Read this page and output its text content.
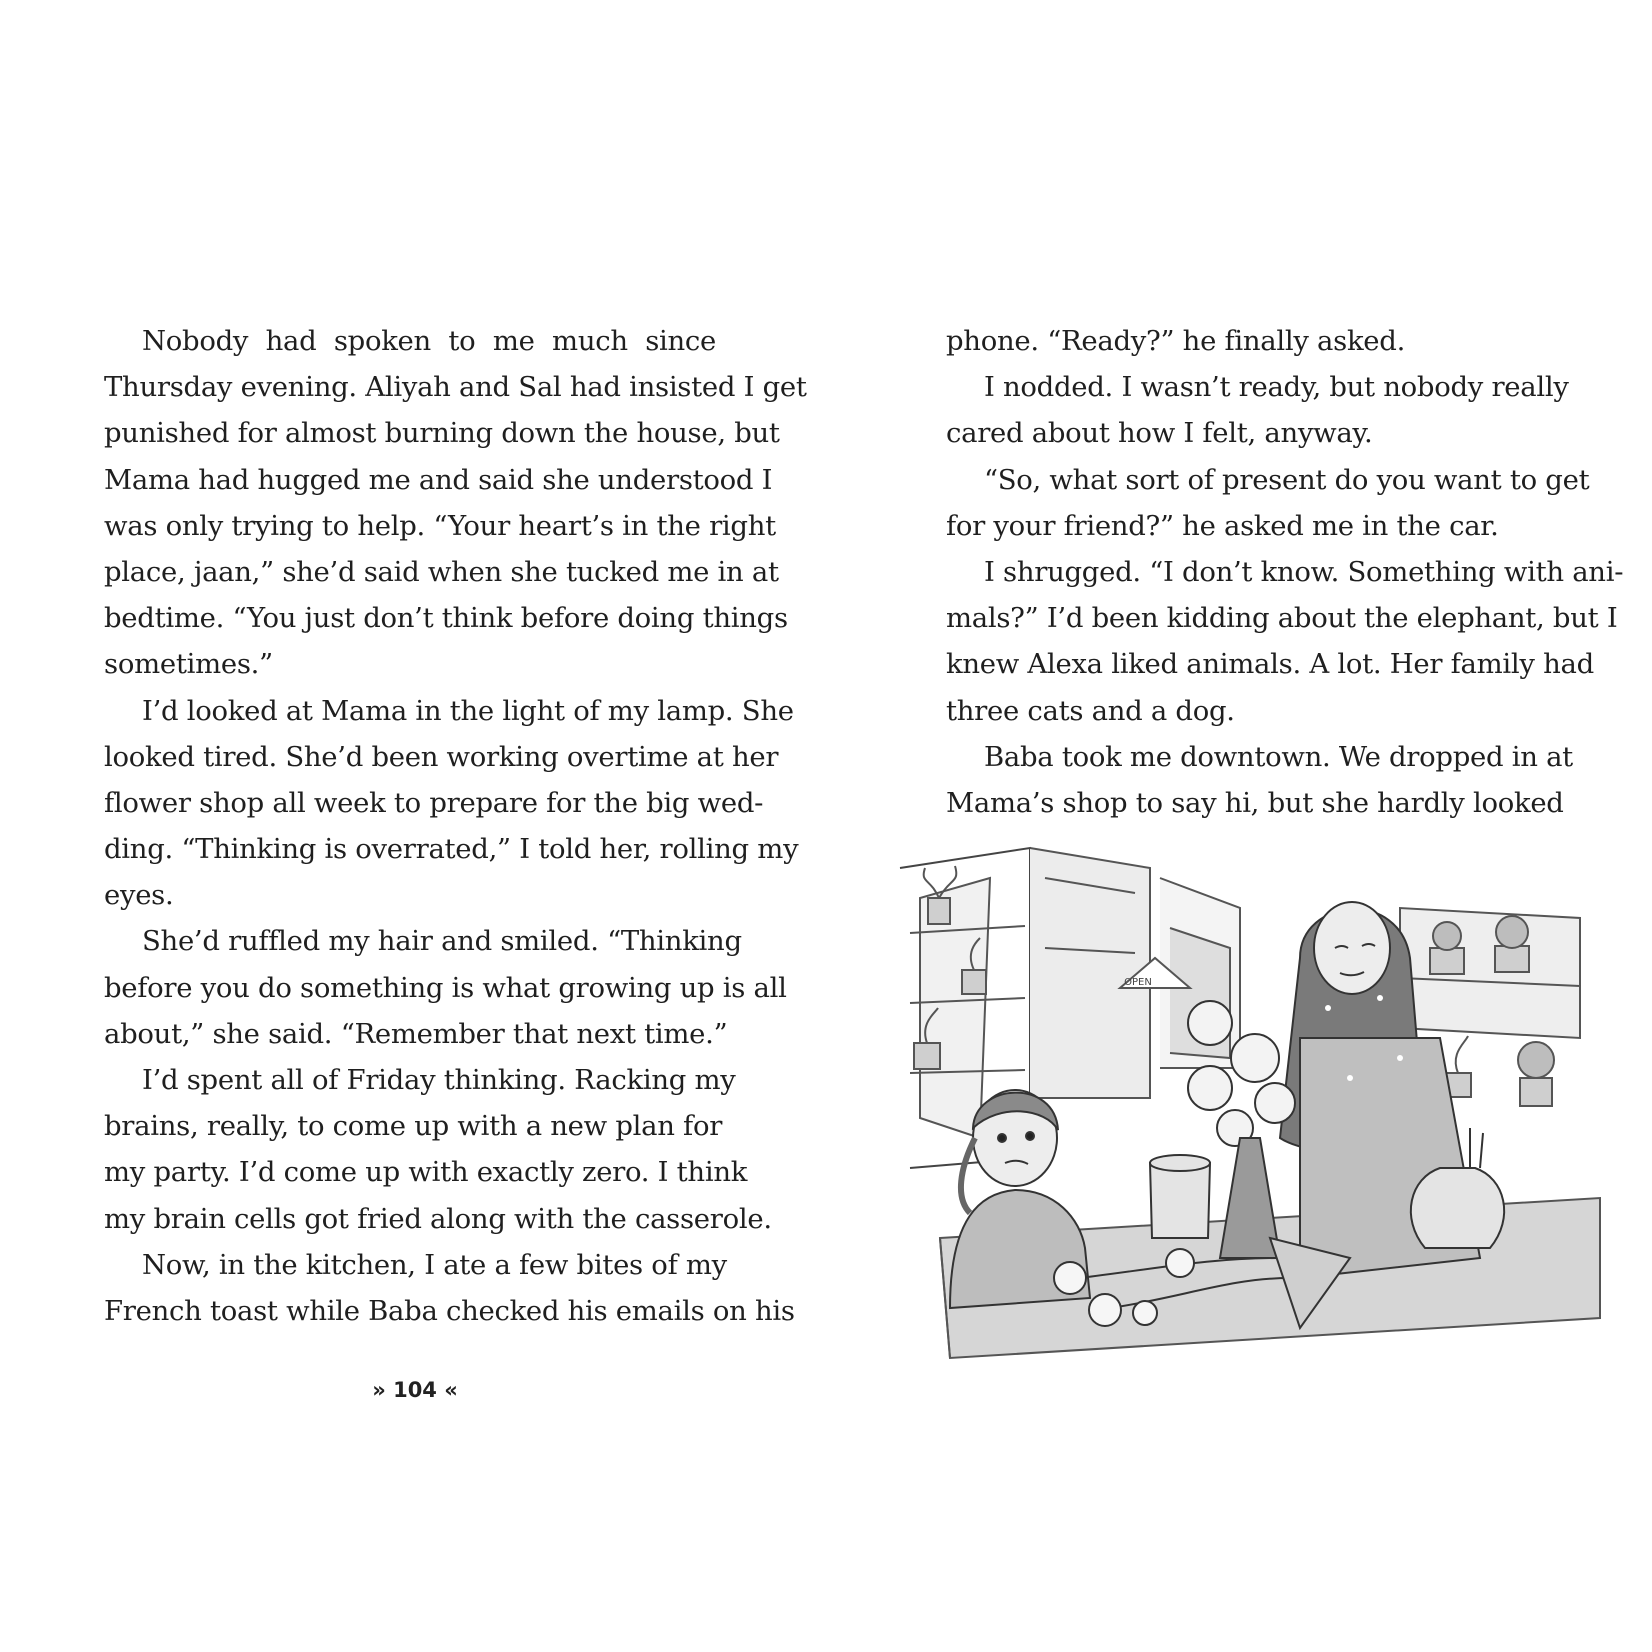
Nobody had spoken to me much since
Thursday evening. Aliyah and Sal had insisted I get
punished for almost burning down the house, but
Mama had hugged me and said she understood I
was only trying to help. “Your heart’s in the right
place, jaan,” she’d said when she tucked me in at
bedtime. “You just don’t think before doing things
sometimes.”
I’d looked at Mama in the light of my lamp. She
looked tired. She’d been working overtime at her
flower shop all week to prepare for the big wed-
ding. “Thinking is overrated,” I told her, rolling my
eyes.
She’d ruffled my hair and smiled. “Thinking
before you do something is what growing up is all
about,” she said. “Remember that next time.”
I’d spent all of Friday thinking. Racking my
brains, really, to come up with a new plan for
my party. I’d come up with exactly zero. I think
my brain cells got fried along with the casserole.
Now, in the kitchen, I ate a few bites of my
French toast while Baba checked his emails on his
» 104 «
phone. “Ready?” he finally asked.
I nodded. I wasn’t ready, but nobody really
cared about how I felt, anyway.
“So, what sort of present do you want to get
for your friend?” he asked me in the car.
I shrugged. “I don’t know. Something with ani-
mals?” I’d been kidding about the elephant, but I
knew Alexa liked animals. A lot. Her family had
three cats and a dog.
Baba took me downtown. We dropped in at
Mama’s shop to say hi, but she hardly looked
OPEN
